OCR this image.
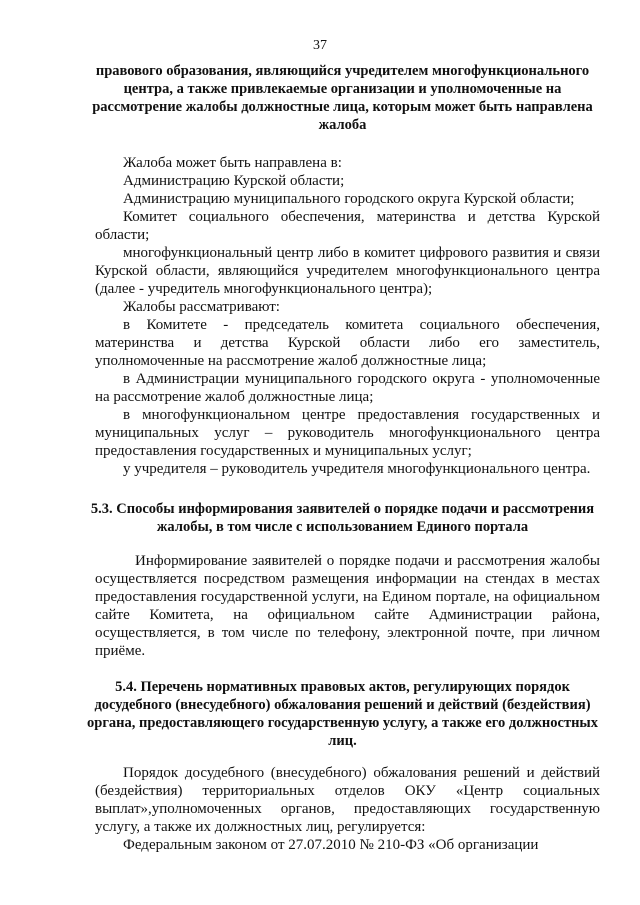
37
правового образования, являющийся учредителем многофункционального центра, а также привлекаемые организации и уполномоченные на рассмотрение жалобы должностные лица, которым может быть направлена жалоба
Жалоба может быть направлена в:
Администрацию Курской области;
Администрацию муниципального городского округа Курской области;
Комитет социального обеспечения, материнства и детства Курской области;
многофункциональный центр либо в комитет цифрового развития и связи Курской области, являющийся учредителем многофункционального центра (далее - учредитель многофункционального центра);
Жалобы рассматривают:
в Комитете - председатель комитета социального обеспечения, материнства и детства Курской области либо его заместитель, уполномоченные на рассмотрение жалоб должностные лица;
в Администрации муниципального городского округа - уполномоченные на рассмотрение жалоб должностные лица;
в многофункциональном центре предоставления государственных и муниципальных услуг – руководитель многофункционального центра предоставления государственных и муниципальных услуг;
у учредителя – руководитель учредителя многофункционального центра.
5.3. Способы информирования заявителей о порядке подачи и рассмотрения жалобы, в том числе с использованием Единого портала
Информирование заявителей о порядке подачи и рассмотрения жалобы осуществляется посредством размещения информации на стендах в местах предоставления государственной услуги, на Едином портале, на официальном сайте Комитета, на официальном сайте Администрации района, осуществляется, в том числе по телефону, электронной почте, при личном приёме.
5.4. Перечень нормативных правовых актов, регулирующих порядок досудебного (внесудебного) обжалования решений и действий (бездействия) органа, предоставляющего государственную услугу, а также его должностных лиц.
Порядок досудебного (внесудебного) обжалования решений и действий (бездействия) территориальных отделов ОКУ «Центр социальных выплат»,уполномоченных органов, предоставляющих государственную услугу, а также их должностных лиц, регулируется:
Федеральным законом от 27.07.2010 № 210-ФЗ «Об организации
